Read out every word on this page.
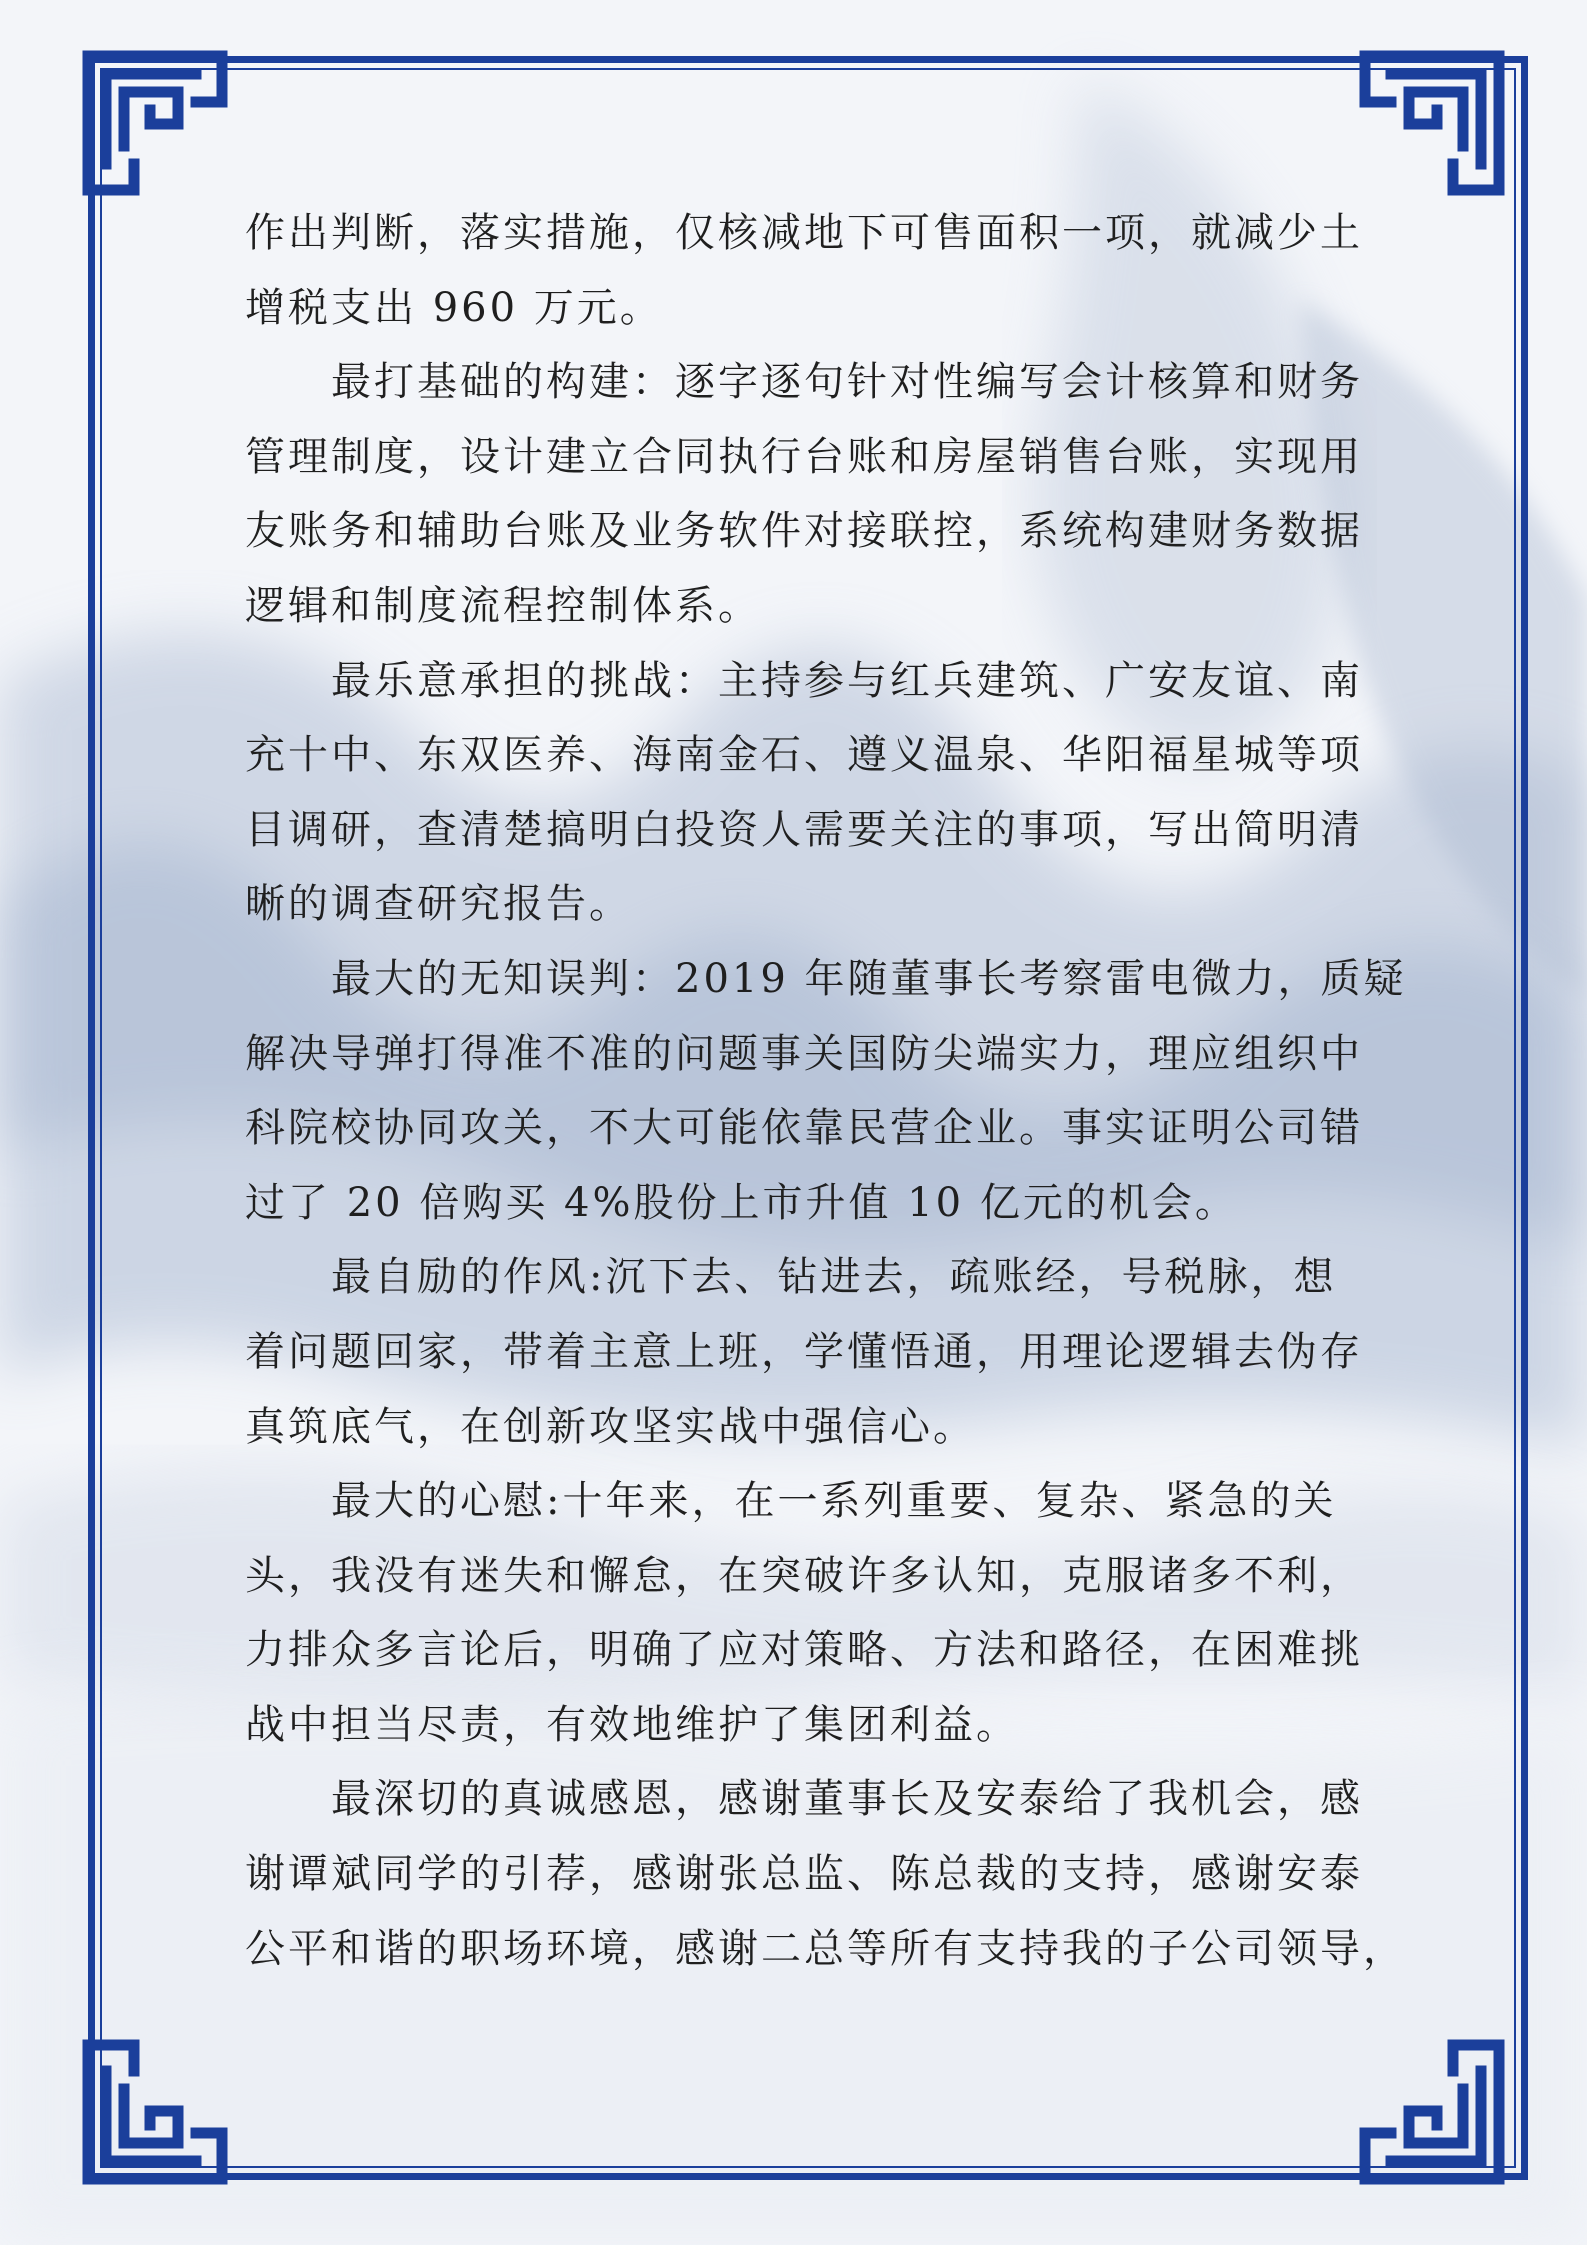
作出判断，落实措施，仅核减地下可售面积一项，就减少土
增税支出 960 万元。
　　最打基础的构建：逐字逐句针对性编写会计核算和财务
管理制度，设计建立合同执行台账和房屋销售台账，实现用
友账务和辅助台账及业务软件对接联控，系统构建财务数据
逻辑和制度流程控制体系。
　　最乐意承担的挑战：主持参与红兵建筑、广安友谊、南
充十中、东双医养、海南金石、遵义温泉、华阳福星城等项
目调研，查清楚搞明白投资人需要关注的事项，写出简明清
晰的调查研究报告。
　　最大的无知误判：2019 年随董事长考察雷电微力，质疑
解决导弹打得准不准的问题事关国防尖端实力，理应组织中
科院校协同攻关，不大可能依靠民营企业。事实证明公司错
过了 20 倍购买 4%股份上市升值 10 亿元的机会。
　　最自励的作风:沉下去、钻进去，疏账经，号税脉，想
着问题回家，带着主意上班，学懂悟通，用理论逻辑去伪存
真筑底气，在创新攻坚实战中强信心。
　　最大的心慰:十年来，在一系列重要、复杂、紧急的关
头，我没有迷失和懈怠，在突破许多认知，克服诸多不利，
力排众多言论后，明确了应对策略、方法和路径，在困难挑
战中担当尽责，有效地维护了集团利益。
　　最深切的真诚感恩，感谢董事长及安泰给了我机会，感
谢谭斌同学的引荐，感谢张总监、陈总裁的支持，感谢安泰
公平和谐的职场环境，感谢二总等所有支持我的子公司领导，
